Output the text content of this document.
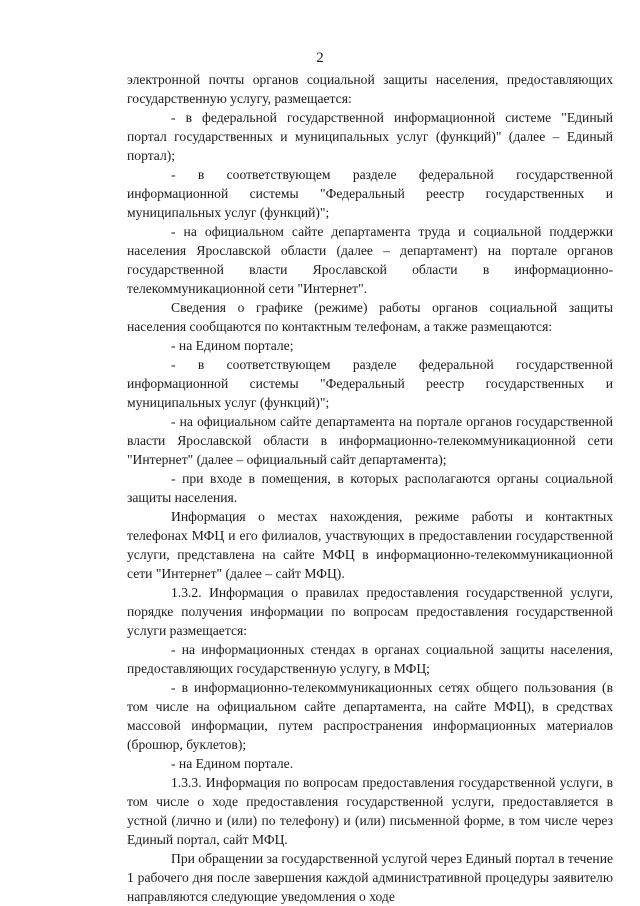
2

электронной почты органов социальной защиты населения, предоставляющих государственную услугу, размещается:

- в федеральной государственной информационной системе "Единый портал государственных и муниципальных услуг (функций)" (далее – Единый портал);

- в соответствующем разделе федеральной государственной информационной системы "Федеральный реестр государственных и муниципальных услуг (функций)";

- на официальном сайте департамента труда и социальной поддержки населения Ярославской области (далее – департамент) на портале органов государственной власти Ярославской области в информационно-телекоммуникационной сети "Интернет".

Сведения о графике (режиме) работы органов социальной защиты населения сообщаются по контактным телефонам, а также размещаются:

- на Едином портале;

- в соответствующем разделе федеральной государственной информационной системы "Федеральный реестр государственных и муниципальных услуг (функций)";

- на официальном сайте департамента на портале органов государственной власти Ярославской области в информационно-телекоммуникационной сети "Интернет" (далее – официальный сайт департамента);

- при входе в помещения, в которых располагаются органы социальной защиты населения.

Информация о местах нахождения, режиме работы и контактных телефонах МФЦ и его филиалов, участвующих в предоставлении государственной услуги, представлена на сайте МФЦ в информационно-телекоммуникационной сети "Интернет" (далее – сайт МФЦ).

1.3.2. Информация о правилах предоставления государственной услуги, порядке получения информации по вопросам предоставления государственной услуги размещается:

- на информационных стендах в органах социальной защиты населения, предоставляющих государственную услугу, в МФЦ;

- в информационно-телекоммуникационных сетях общего пользования (в том числе на официальном сайте департамента, на сайте МФЦ), в средствах массовой информации, путем распространения информационных материалов (брошюр, буклетов);

- на Едином портале.

1.3.3. Информация по вопросам предоставления государственной услуги, в том числе о ходе предоставления государственной услуги, предоставляется в устной (лично и (или) по телефону) и (или) письменной форме, в том числе через Единый портал, сайт МФЦ.

При обращении за государственной услугой через Единый портал в течение 1 рабочего дня после завершения каждой административной процедуры заявителю направляются следующие уведомления о ходе
